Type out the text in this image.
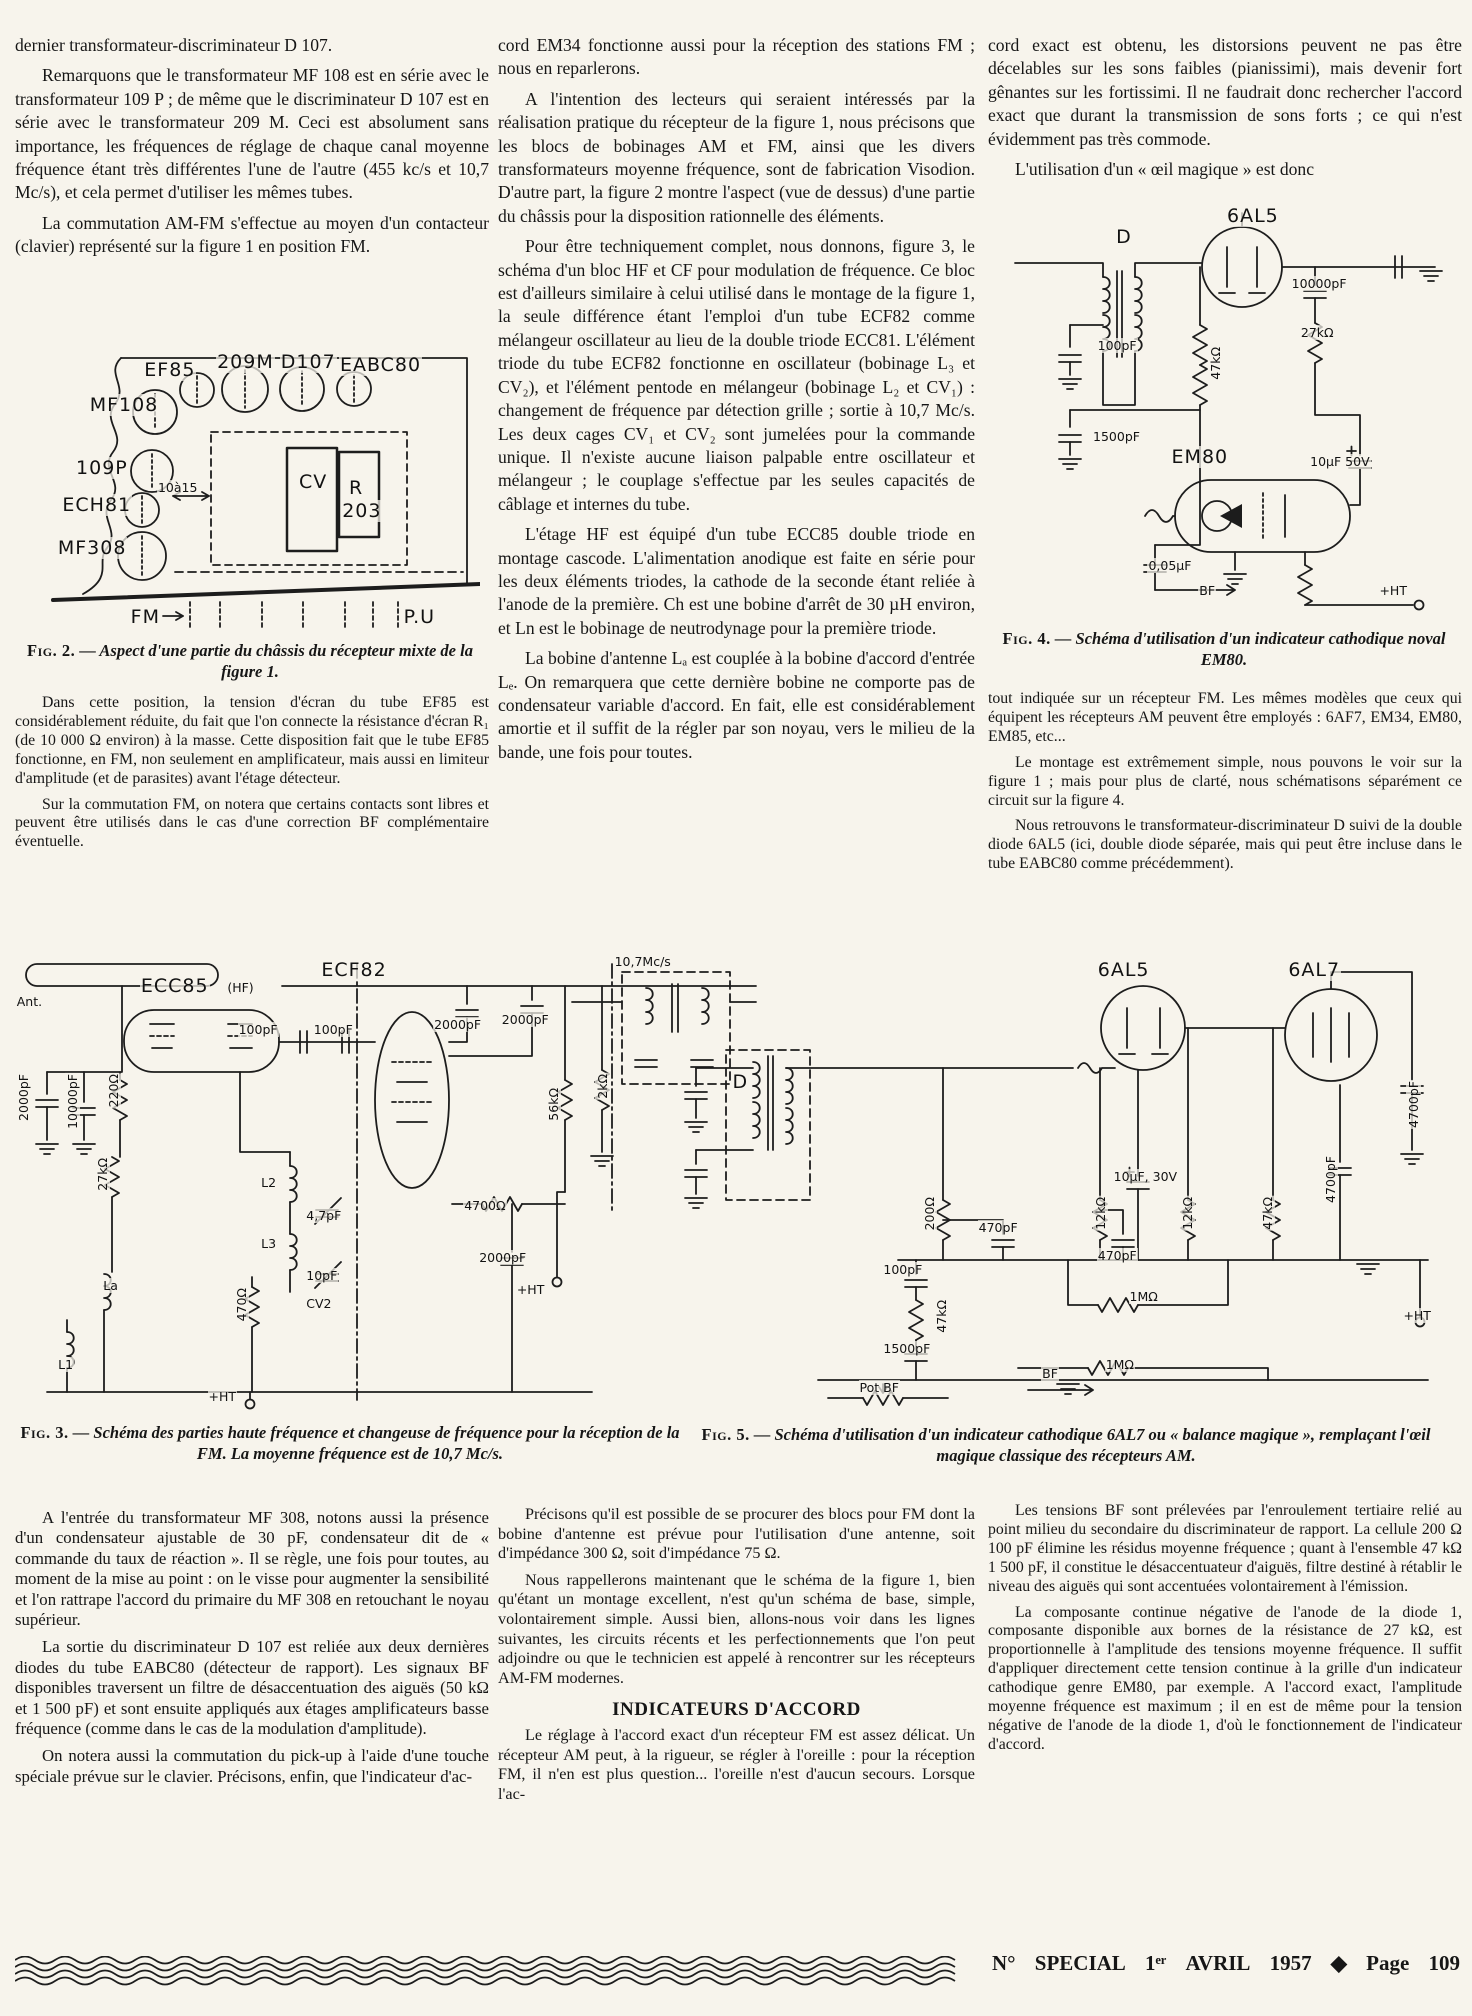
dernier transformateur-discriminateur D 107.

Remarquons que le transformateur MF 108 est en série avec le transformateur 109 P ; de même que le discriminateur D 107 est en série avec le transformateur 209 M. Ceci est absolument sans importance, les fréquences de réglage de chaque canal moyenne fréquence étant très différentes l'une de l'autre (455 kc/s et 10,7 Mc/s), et cela permet d'utiliser les mêmes tubes.

La commutation AM-FM s'effectue au moyen d'un contacteur (clavier) représenté sur la figure 1 en position FM.

EF85 209M D107 EABC80
MF108
109P
10à15
ECH81
MF308
CV R
203
FM	P.U
Fig. 2. — Aspect d'une partie du châssis du récepteur mixte de la figure 1.

Dans cette position, la tension d'écran du tube EF85 est considérablement réduite, du fait que l'on connecte la résistance d'écran R₁ (de 10 000 Ω environ) à la masse. Cette disposition fait que le tube EF85 fonctionne, en FM, non seulement en amplificateur, mais aussi en limiteur d'amplitude (et de parasites) avant l'étage détecteur.

Sur la commutation FM, on notera que certains contacts sont libres et peuvent être utilisés dans le cas d'une correction BF complémentaire éventuelle.

cord EM34 fonctionne aussi pour la réception des stations FM ; nous en reparlerons.

A l'intention des lecteurs qui seraient intéressés par la réalisation pratique du récepteur de la figure 1, nous précisons que les blocs de bobinages AM et FM, ainsi que les divers transformateurs moyenne fréquence, sont de fabrication Visodion. D'autre part, la figure 2 montre l'aspect (vue de dessus) d'une partie du châssis pour la disposition rationnelle des éléments.

Pour être techniquement complet, nous donnons, figure 3, le schéma d'un bloc HF et CF pour modulation de fréquence. Ce bloc est d'ailleurs similaire à celui utilisé dans le montage de la figure 1, la seule différence étant l'emploi d'un tube ECF82 comme mélangeur oscillateur au lieu de la double triode ECC81. L'élément triode du tube ECF82 fonctionne en oscillateur (bobinage L₃ et CV₂), et l'élément pentode en mélangeur (bobinage L₂ et CV₁) : changement de fréquence par détection grille ; sortie à 10,7 Mc/s. Les deux cages CV₁ et CV₂ sont jumelées pour la commande unique. Il n'existe aucune liaison palpable entre oscillateur et mélangeur ; le couplage s'effectue par les seules capacités de câblage et internes du tube.

L'étage HF est équipé d'un tube ECC85 double triode en montage cascode. L'alimentation anodique est faite en série pour les deux éléments triodes, la cathode de la seconde étant reliée à l'anode de la première. Ch est une bobine d'arrêt de 30 µH environ, et Ln est le bobinage de neutrodynage pour la première triode.

La bobine d'antenne Lₐ est couplée à la bobine d'accord d'entrée Lₑ. On remarquera que cette dernière bobine ne comporte pas de condensateur variable d'accord. En fait, elle est considérablement amortie et il suffit de la régler par son noyau, vers le milieu de la bande, une fois pour toutes.

cord exact est obtenu, les distorsions peuvent ne pas être décelables sur les sons faibles (pianissimi), mais devenir fort gênantes sur les fortissimi. Il ne faudrait donc rechercher l'accord exact que durant la transmission de sons forts ; ce qui n'est évidemment pas très commode.

L'utilisation d'un « œil magique » est donc

D
6AL5
10000pF
27kΩ
100pF
47kΩ
1500pF
EM80	10µF 50V
0,05µF
BF	+HT
Fig. 4. — Schéma d'utilisation d'un indicateur cathodique noval EM80.

tout indiquée sur un récepteur FM. Les mêmes modèles que ceux qui équipent les récepteurs AM peuvent être employés : 6AF7, EM34, EM80, EM85, etc...

Le montage est extrêmement simple, nous pouvons le voir sur la figure 1 ; mais pour plus de clarté, nous schématisons séparément ce circuit sur la figure 4.

Nous retrouvons le transformateur-discriminateur D suivi de la double diode 6AL5 (ici, double diode séparée, mais qui peut être incluse dans le tube EABC80 comme précédemment).

Ant.
ECC85 (HF)
ECF82	10,7Mc/s
2000pF	10000pF 220Ω
27kΩ
100pF	100pF	2000pF 2000pF
56kΩ
2kΩ
L2
4,7pF
L3
10pF
CV2
La
470Ω
L1
4700Ω
2000pF
+HT
+HT
Fig. 3. — Schéma des parties haute fréquence et changeuse de fréquence pour la réception de la FM. La moyenne fréquence est de 10,7 Mc/s.
6AL5	6AL7
D
10µF, 30V
200Ω	470pF	12kΩ	12kΩ
470pF
47kΩ
4700pF
4700pF
100pF
47kΩ
1MΩ
1500pF
1MΩ
Pot BF
BF
+HT
Fig. 5. — Schéma d'utilisation d'un indicateur cathodique 6AL7 ou « balance magique », remplaçant l'œil magique classique des récepteurs AM.

A l'entrée du transformateur MF 308, notons aussi la présence d'un condensateur ajustable de 30 pF, condensateur dit de « commande du taux de réaction ». Il se règle, une fois pour toutes, au moment de la mise au point : on le visse pour augmenter la sensibilité et l'on rattrape l'accord du primaire du MF 308 en retouchant le noyau supérieur.

La sortie du discriminateur D 107 est reliée aux deux dernières diodes du tube EABC80 (détecteur de rapport). Les signaux BF disponibles traversent un filtre de désaccentuation des aiguës (50 kΩ et 1 500 pF) et sont ensuite appliqués aux étages amplificateurs basse fréquence (comme dans le cas de la modulation d'amplitude).

On notera aussi la commutation du pick-up à l'aide d'une touche spéciale prévue sur le clavier. Précisons, enfin, que l'indicateur d'ac-

Précisons qu'il est possible de se procurer des blocs pour FM dont la bobine d'antenne est prévue pour l'utilisation d'une antenne, soit d'impédance 300 Ω, soit d'impédance 75 Ω.

Nous rappellerons maintenant que le schéma de la figure 1, bien qu'étant un montage excellent, n'est qu'un schéma de base, simple, volontairement simple. Aussi bien, allons-nous voir dans les lignes suivantes, les circuits récents et les perfectionnements que l'on peut adjoindre ou que le technicien est appelé à rencontrer sur les récepteurs AM-FM modernes.

INDICATEURS D'ACCORD

Le réglage à l'accord exact d'un récepteur FM est assez délicat. Un récepteur AM peut, à la rigueur, se régler à l'oreille : pour la réception FM, il n'en est plus question... l'oreille n'est d'aucun secours. Lorsque l'ac-

Les tensions BF sont prélevées par l'enroulement tertiaire relié au point milieu du secondaire du discriminateur de rapport. La cellule 200 Ω 100 pF élimine les résidus moyenne fréquence ; quant à l'ensemble 47 kΩ 1 500 pF, il constitue le désaccentuateur d'aiguës, filtre destiné à rétablir le niveau des aiguës qui sont accentuées volontairement à l'émission.

La composante continue négative de l'anode de la diode 1, composante disponible aux bornes de la résistance de 27 kΩ, est proportionnelle à l'amplitude des tensions moyenne fréquence. Il suffit d'appliquer directement cette tension continue à la grille d'un indicateur cathodique genre EM80, par exemple. A l'accord exact, l'amplitude moyenne fréquence est maximum ; il en est de même pour la tension négative de l'anode de la diode 1, d'où le fonctionnement de l'indicateur d'accord.

N° SPECIAL 1ᵉʳ AVRIL 1957 ◆ Page 109
